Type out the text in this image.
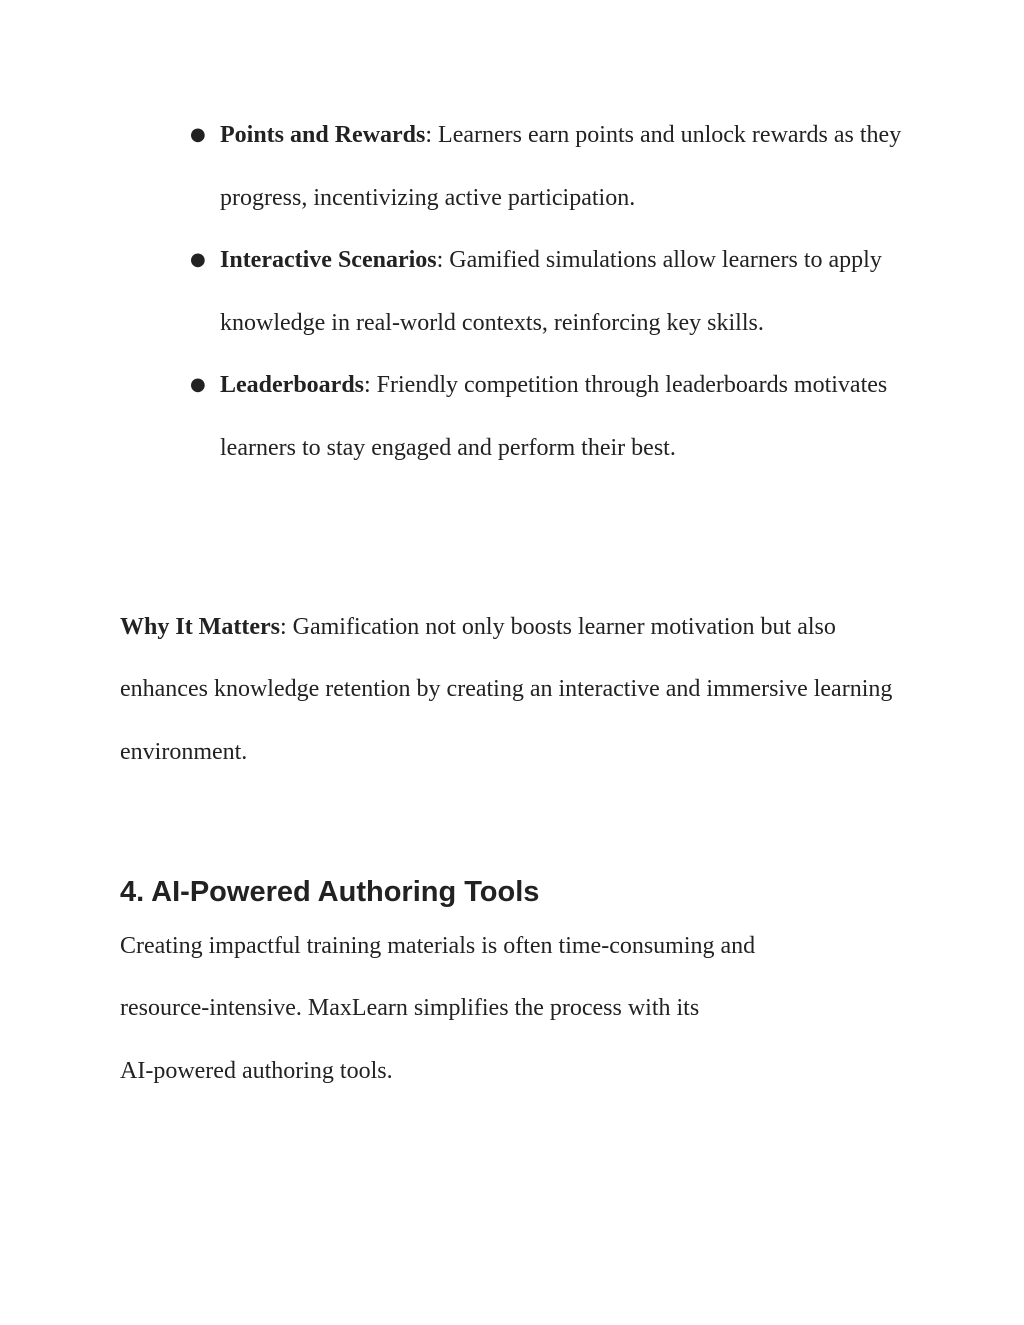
● Points and Rewards: Learners earn points and unlock rewards as they progress, incentivizing active participation.
● Interactive Scenarios: Gamified simulations allow learners to apply knowledge in real-world contexts, reinforcing key skills.
● Leaderboards: Friendly competition through leaderboards motivates learners to stay engaged and perform their best.

Why It Matters: Gamification not only boosts learner motivation but also enhances knowledge retention by creating an interactive and immersive learning environment.

4. AI-Powered Authoring Tools

Creating impactful training materials is often time-consuming and
resource-intensive. MaxLearn simplifies the process with its
AI-powered authoring tools.
